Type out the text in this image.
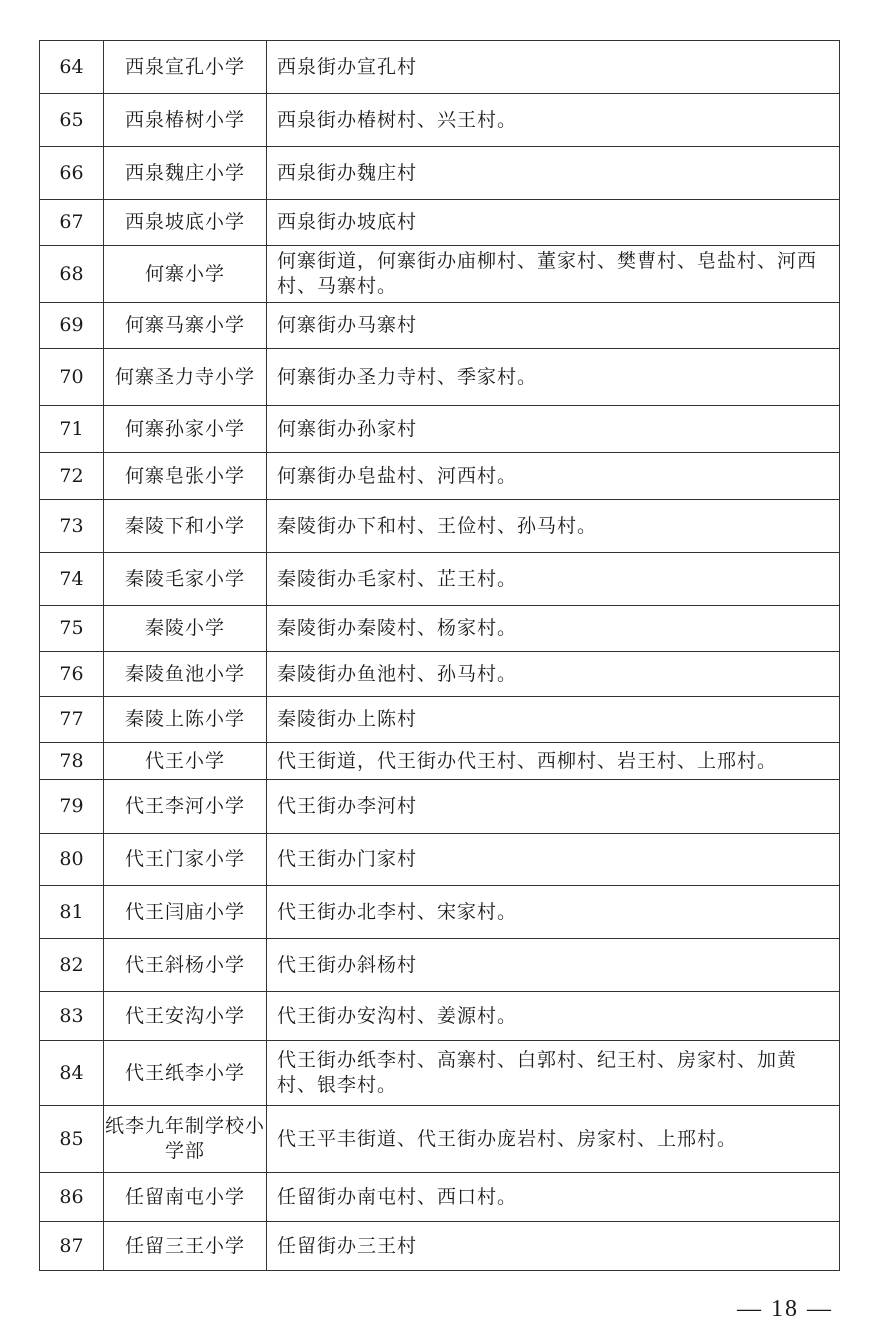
64	西泉宣孔小学	西泉街办宣孔村
65	西泉椿树小学	西泉街办椿树村、兴王村。
66	西泉魏庄小学	西泉街办魏庄村
67	西泉坡底小学	西泉街办坡底村
68	何寨小学	何寨街道，何寨街办庙柳村、董家村、樊曹村、皂盐村、河西村、马寨村。
69	何寨马寨小学	何寨街办马寨村
70	何寨圣力寺小学	何寨街办圣力寺村、季家村。
71	何寨孙家小学	何寨街办孙家村
72	何寨皂张小学	何寨街办皂盐村、河西村。
73	秦陵下和小学	秦陵街办下和村、王俭村、孙马村。
74	秦陵毛家小学	秦陵街办毛家村、芷王村。
75	秦陵小学	秦陵街办秦陵村、杨家村。
76	秦陵鱼池小学	秦陵街办鱼池村、孙马村。
77	秦陵上陈小学	秦陵街办上陈村
78	代王小学	代王街道，代王街办代王村、西柳村、岩王村、上邢村。
79	代王李河小学	代王街办李河村
80	代王门家小学	代王街办门家村
81	代王闫庙小学	代王街办北李村、宋家村。
82	代王斜杨小学	代王街办斜杨村
83	代王安沟小学	代王街办安沟村、姜源村。
84	代王纸李小学	代王街办纸李村、高寨村、白郭村、纪王村、房家村、加黄村、银李村。
85	纸李九年制学校小学部	代王平丰街道、代王街办庞岩村、房家村、上邢村。
86	任留南屯小学	任留街办南屯村、西口村。
87	任留三王小学	任留街办三王村
— 18 —
